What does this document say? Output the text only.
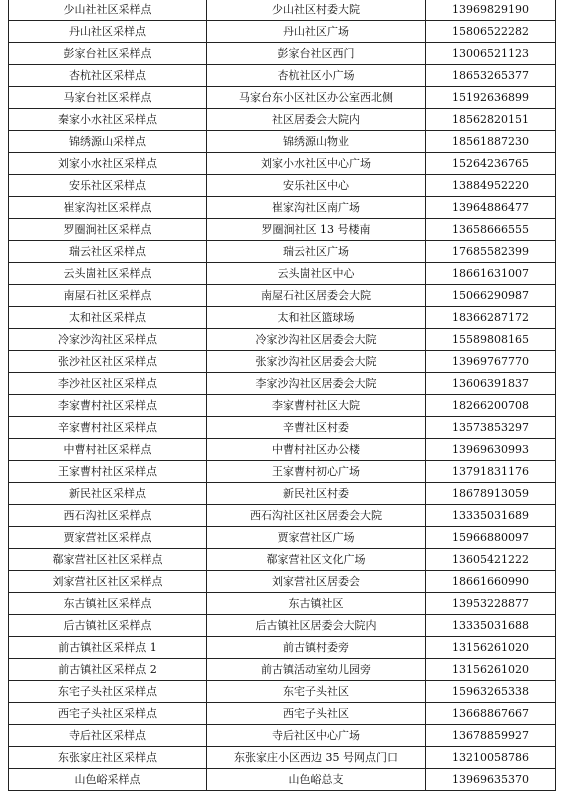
少山社社区采样点	少山社区村委大院	13969829190
丹山社区采样点	丹山社区广场	15806522282
彭家台社区采样点	彭家台社区西门	13006521123
杏杭社区采样点	杏杭社区小广场	18653265377
马家台社区采样点	马家台东小区社区办公室西北侧	15192636899
秦家小水社区采样点	社区居委会大院内	18562820151
锦绣源山采样点	锦绣源山物业	18561887230
刘家小水社区采样点	刘家小水社区中心广场	15264236765
安乐社区采样点	安乐社区中心	13884952220
崔家沟社区采样点	崔家沟社区南广场	13964886477
罗圈涧社区采样点	罗圈涧社区 13 号楼南	13658666555
瑞云社区采样点	瑞云社区广场	17685582399
云头崮社区采样点	云头崮社区中心	18661631007
南屋石社区采样点	南屋石社区居委会大院	15066290987
太和社区采样点	太和社区篮球场	18366287172
冷家沙沟社区采样点	冷家沙沟社区居委会大院	15589808165
张沙社区社区采样点	张家沙沟社区居委会大院	13969767770
李沙社区社区采样点	李家沙沟社区居委会大院	13606391837
李家曹村社区采样点	李家曹村社区大院	18266200708
辛家曹村社区采样点	辛曹社区村委	13573853297
中曹村社区采样点	中曹村社区办公楼	13969630993
王家曹村社区采样点	王家曹村初心广场	13791831176
新民社区采样点	新民社区村委	18678913059
西石沟社区采样点	西石沟社区社区居委会大院	13335031689
贾家营社区采样点	贾家营社区广场	15966880097
郗家营社区社区采样点	郗家营社区文化广场	13605421222
刘家营社区社区采样点	刘家营社区居委会	18661660990
东古镇社区采样点	东古镇社区	13953228877
后古镇社区采样点	后古镇社区居委会大院内	13335031688
前古镇社区采样点 1	前古镇村委旁	13156261020
前古镇社区采样点 2	前古镇活动室幼儿园旁	13156261020
东宅子头社区采样点	东宅子头社区	15963265338
西宅子头社区采样点	西宅子头社区	13668867667
寺后社区采样点	寺后社区中心广场	13678859927
东张家庄社区采样点	东张家庄小区西边 35 号网点门口	13210058786
山色峪采样点	山色峪总支	13969635370
